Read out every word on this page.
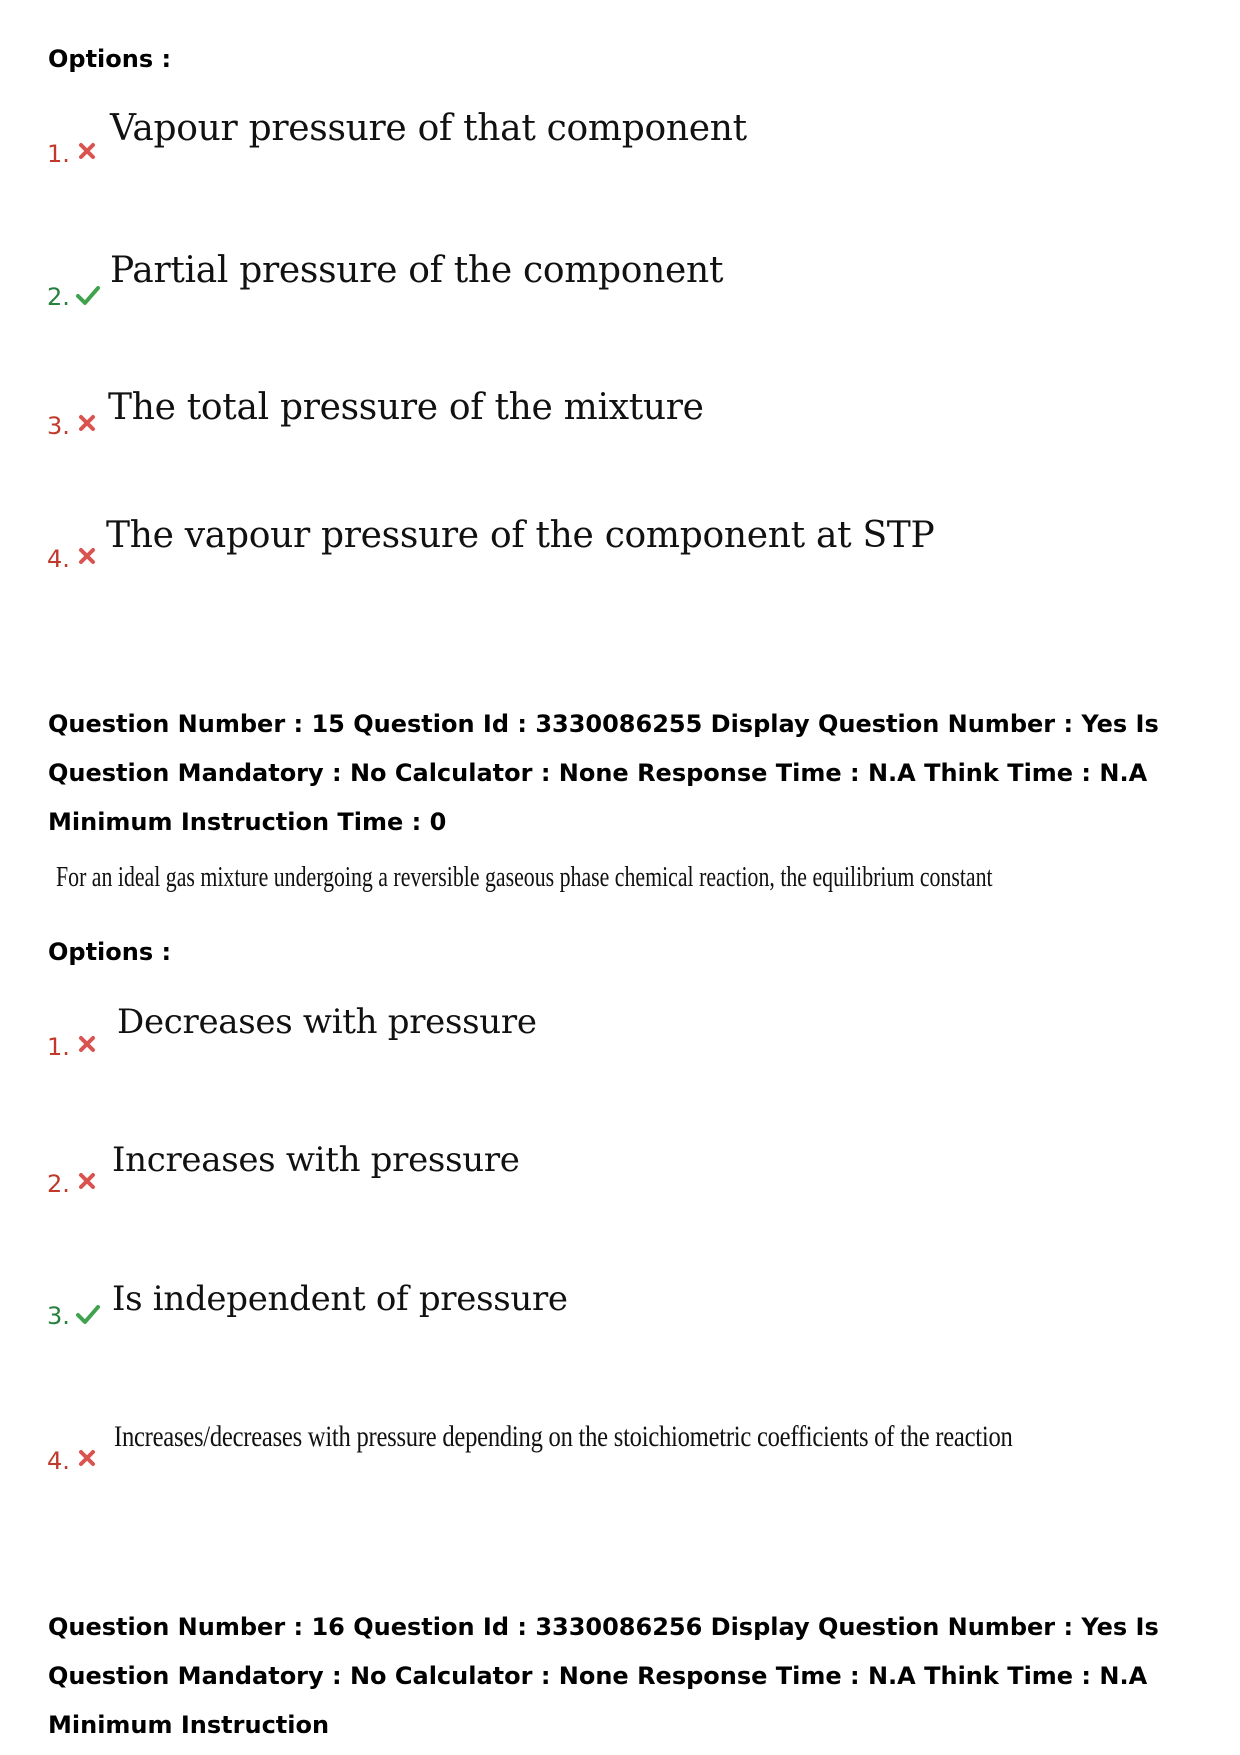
Options :
1.
Vapour pressure of that component
2.
Partial pressure of the component
3. The total pressure of the mixture
4.
The vapour pressure of the component at STP

Question Number : 15 Question Id : 3330086255 Display Question Number : Yes Is Question Mandatory : No Calculator : None Response Time : N.A Think Time : N.A Minimum Instruction Time : 0

For an ideal gas mixture undergoing a reversible gaseous phase chemical reaction, the equilibrium constant
Options :
1.
Decreases with pressure
2.
Increases with pressure
3. Is independent of pressure
4.
Increases/decreases with pressure depending on the stoichiometric coefficients of the reaction

Question Number : 16 Question Id : 3330086256 Display Question Number : Yes Is Question Mandatory : No Calculator : None Response Time : N.A Think Time : N.A Minimum Instruction
